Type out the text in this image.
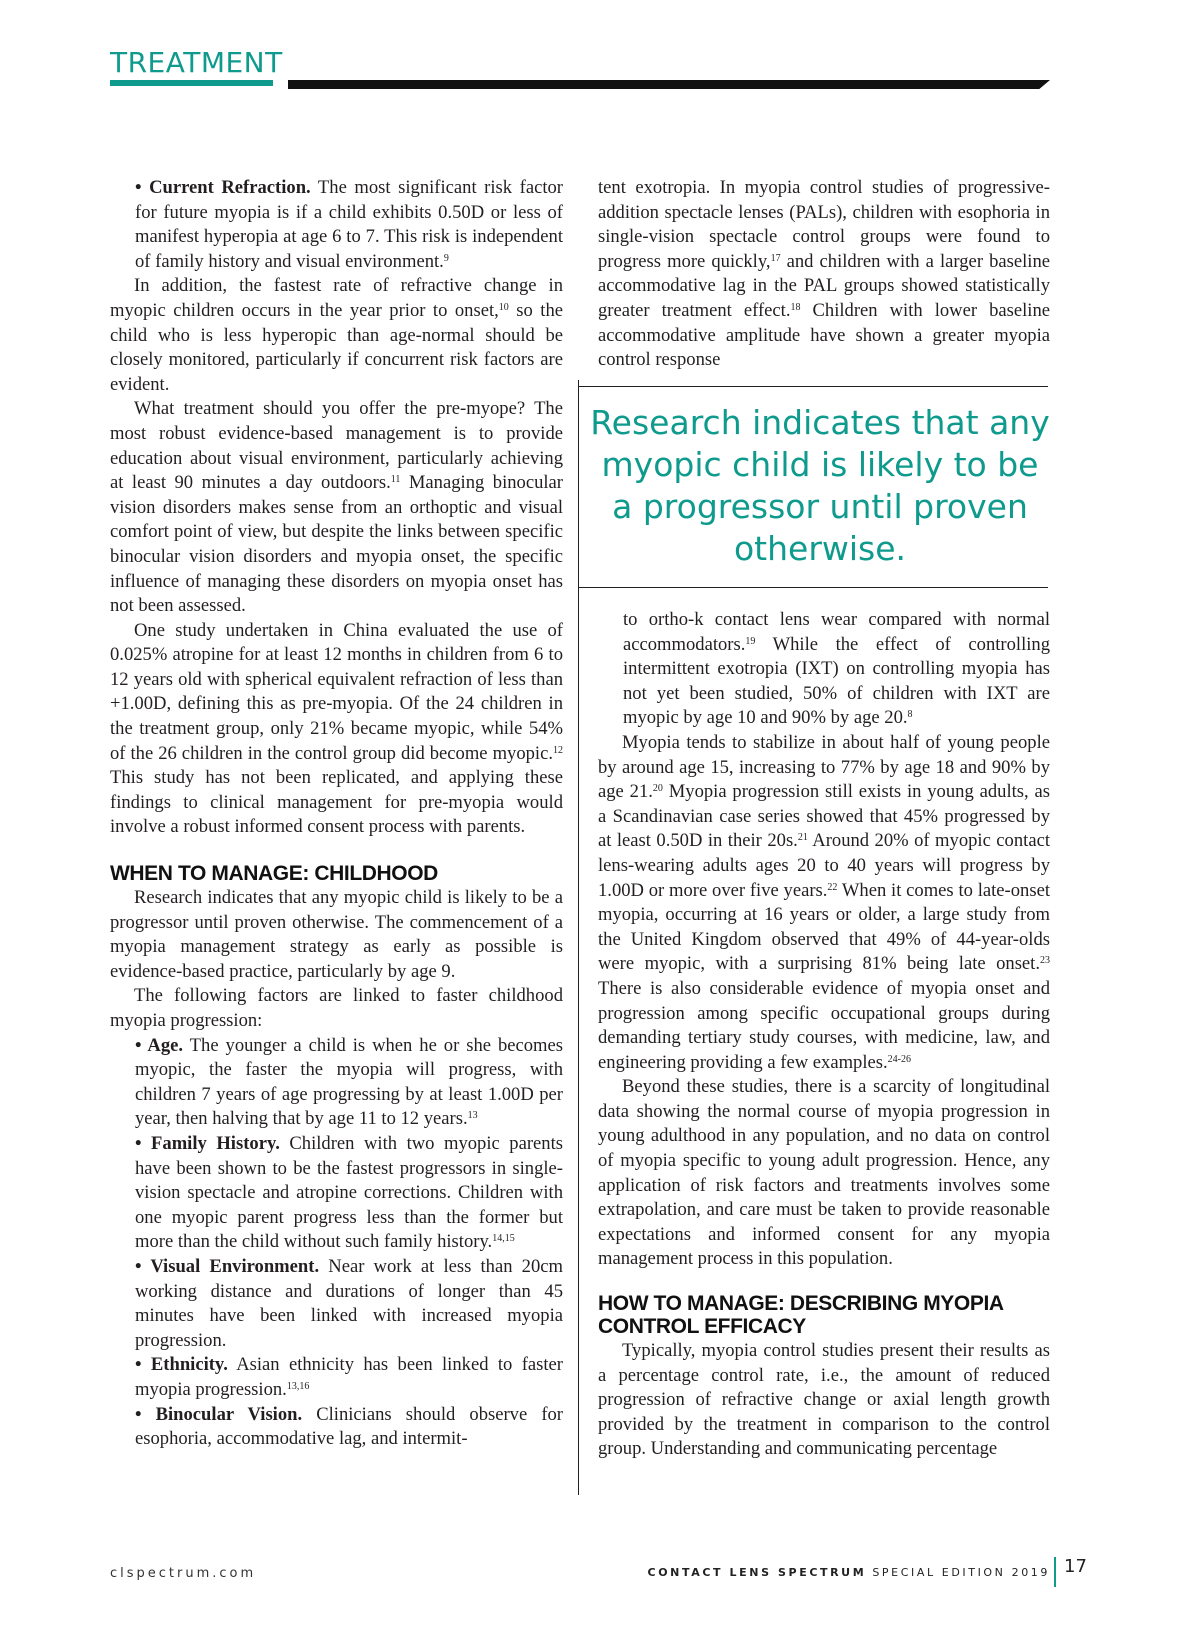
TREATMENT

• Current Refraction. The most significant risk factor for future myopia is if a child exhibits 0.50D or less of manifest hyperopia at age 6 to 7. This risk is independent of family history and visual environment.$^9$

In addition, the fastest rate of refractive change in myopic children occurs in the year prior to onset,$^{10}$ so the child who is less hyperopic than age-normal should be closely monitored, particularly if concurrent risk factors are evident.

What treatment should you offer the pre-myope? The most robust evidence-based management is to provide education about visual environment, particularly achieving at least 90 minutes a day outdoors.$^{11}$ Managing binocular vision disorders makes sense from an orthoptic and visual comfort point of view, but despite the links between specific binocular vision disorders and myopia onset, the specific influence of managing these disorders on myopia onset has not been assessed.

One study undertaken in China evaluated the use of 0.025% atropine for at least 12 months in children from 6 to 12 years old with spherical equivalent refraction of less than +1.00D, defining this as pre-myopia. Of the 24 children in the treatment group, only 21% became myopic, while 54% of the 26 children in the control group did become myopic.$^{12}$ This study has not been replicated, and applying these findings to clinical management for pre-myopia would involve a robust informed consent process with parents.

WHEN TO MANAGE: CHILDHOOD

Research indicates that any myopic child is likely to be a progressor until proven otherwise. The commencement of a myopia management strategy as early as possible is evidence-based practice, particularly by age 9.

The following factors are linked to faster childhood myopia progression:

• Age. The younger a child is when he or she becomes myopic, the faster the myopia will progress, with children 7 years of age progressing by at least 1.00D per year, then halving that by age 11 to 12 years.$^{13}$

• Family History. Children with two myopic parents have been shown to be the fastest progressors in single-vision spectacle and atropine corrections. Children with one myopic parent progress less than the former but more than the child without such family history.$^{14,15}$

• Visual Environment. Near work at less than 20cm working distance and durations of longer than 45 minutes have been linked with increased myopia progression.

• Ethnicity. Asian ethnicity has been linked to faster myopia progression.$^{13,16}$

• Binocular Vision. Clinicians should observe for esophoria, accommodative lag, and intermit-

tent exotropia. In myopia control studies of progressive-addition spectacle lenses (PALs), children with esophoria in single-vision spectacle control groups were found to progress more quickly,$^{17}$ and children with a larger baseline accommodative lag in the PAL groups showed statistically greater treatment effect.$^{18}$ Children with lower baseline accommodative amplitude have shown a greater myopia control response

Research indicates that any myopic child is likely to be a progressor until proven otherwise.

to ortho-k contact lens wear compared with normal accommodators.$^{19}$ While the effect of controlling intermittent exotropia (IXT) on controlling myopia has not yet been studied, 50% of children with IXT are myopic by age 10 and 90% by age 20.$^8$

Myopia tends to stabilize in about half of young people by around age 15, increasing to 77% by age 18 and 90% by age 21.20 Myopia progression still exists in young adults, as a Scandinavian case series showed that 45% progressed by at least 0.50D in their 20s.$^{21}$ Around 20% of myopic contact lens-wearing adults ages 20 to 40 years will progress by 1.00D or more over five years.$^{22}$ When it comes to late-onset myopia, occurring at 16 years or older, a large study from the United Kingdom observed that 49% of 44-year-olds were myopic, with a surprising 81% being late onset.$^{23}$ There is also considerable evidence of myopia onset and progression among specific occupational groups during demanding tertiary study courses, with medicine, law, and engineering providing a few examples.$^{24-26}$

Beyond these studies, there is a scarcity of longitudinal data showing the normal course of myopia progression in young adulthood in any population, and no data on control of myopia specific to young adult progression. Hence, any application of risk factors and treatments involves some extrapolation, and care must be taken to provide reasonable expectations and informed consent for any myopia management process in this population.

HOW TO MANAGE: DESCRIBING MYOPIA CONTROL EFFICACY

Typically, myopia control studies present their results as a percentage control rate, i.e., the amount of reduced progression of refractive change or axial length growth provided by the treatment in comparison to the control group. Understanding and communicating percentage

clspectrum.com	CONTACT LENS SPECTRUM SPECIAL EDITION 2019 17
